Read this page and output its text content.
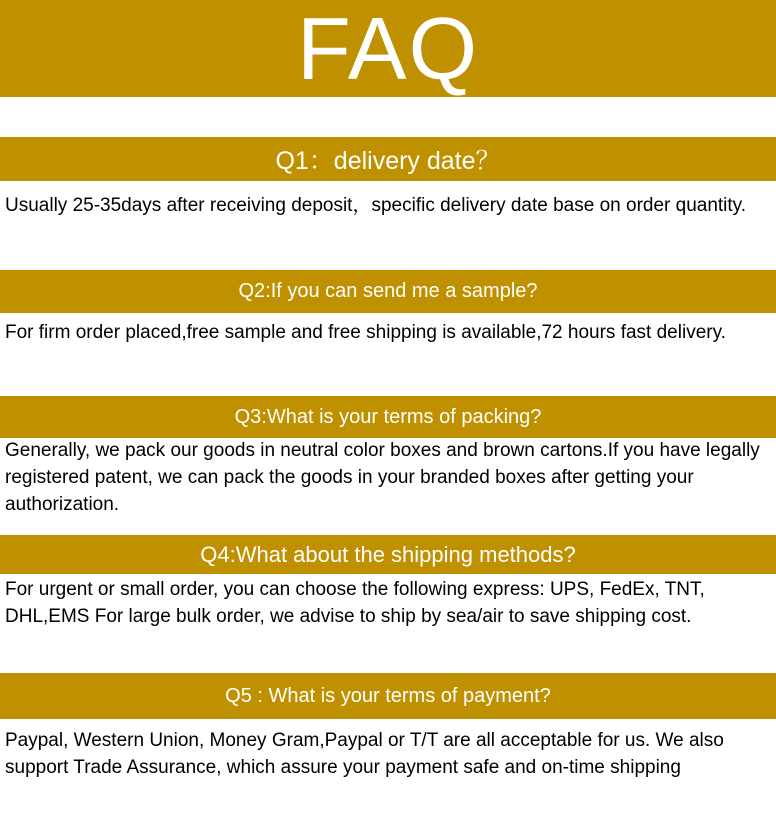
FAQ
Q1：delivery date？

Usually 25-35days after receiving deposit，specific delivery date base on order quantity.

Q2:If you can send me a sample?

For firm order placed,free sample and free shipping is available,72 hours fast delivery.

Q3:What is your terms of packing?

Generally, we pack our goods in neutral color boxes and brown cartons.If you have legally registered patent, we can pack the goods in your branded boxes after getting your authorization.

Q4:What about the shipping methods?

For urgent or small order, you can choose the following express: UPS, FedEx, TNT, DHL,EMS For large bulk order, we advise to ship by sea/air to save shipping cost.

Q5 : What is your terms of payment?

Paypal, Western Union, Money Gram,Paypal or T/T are all acceptable for us. We also support Trade Assurance, which assure your payment safe and on-time shipping
